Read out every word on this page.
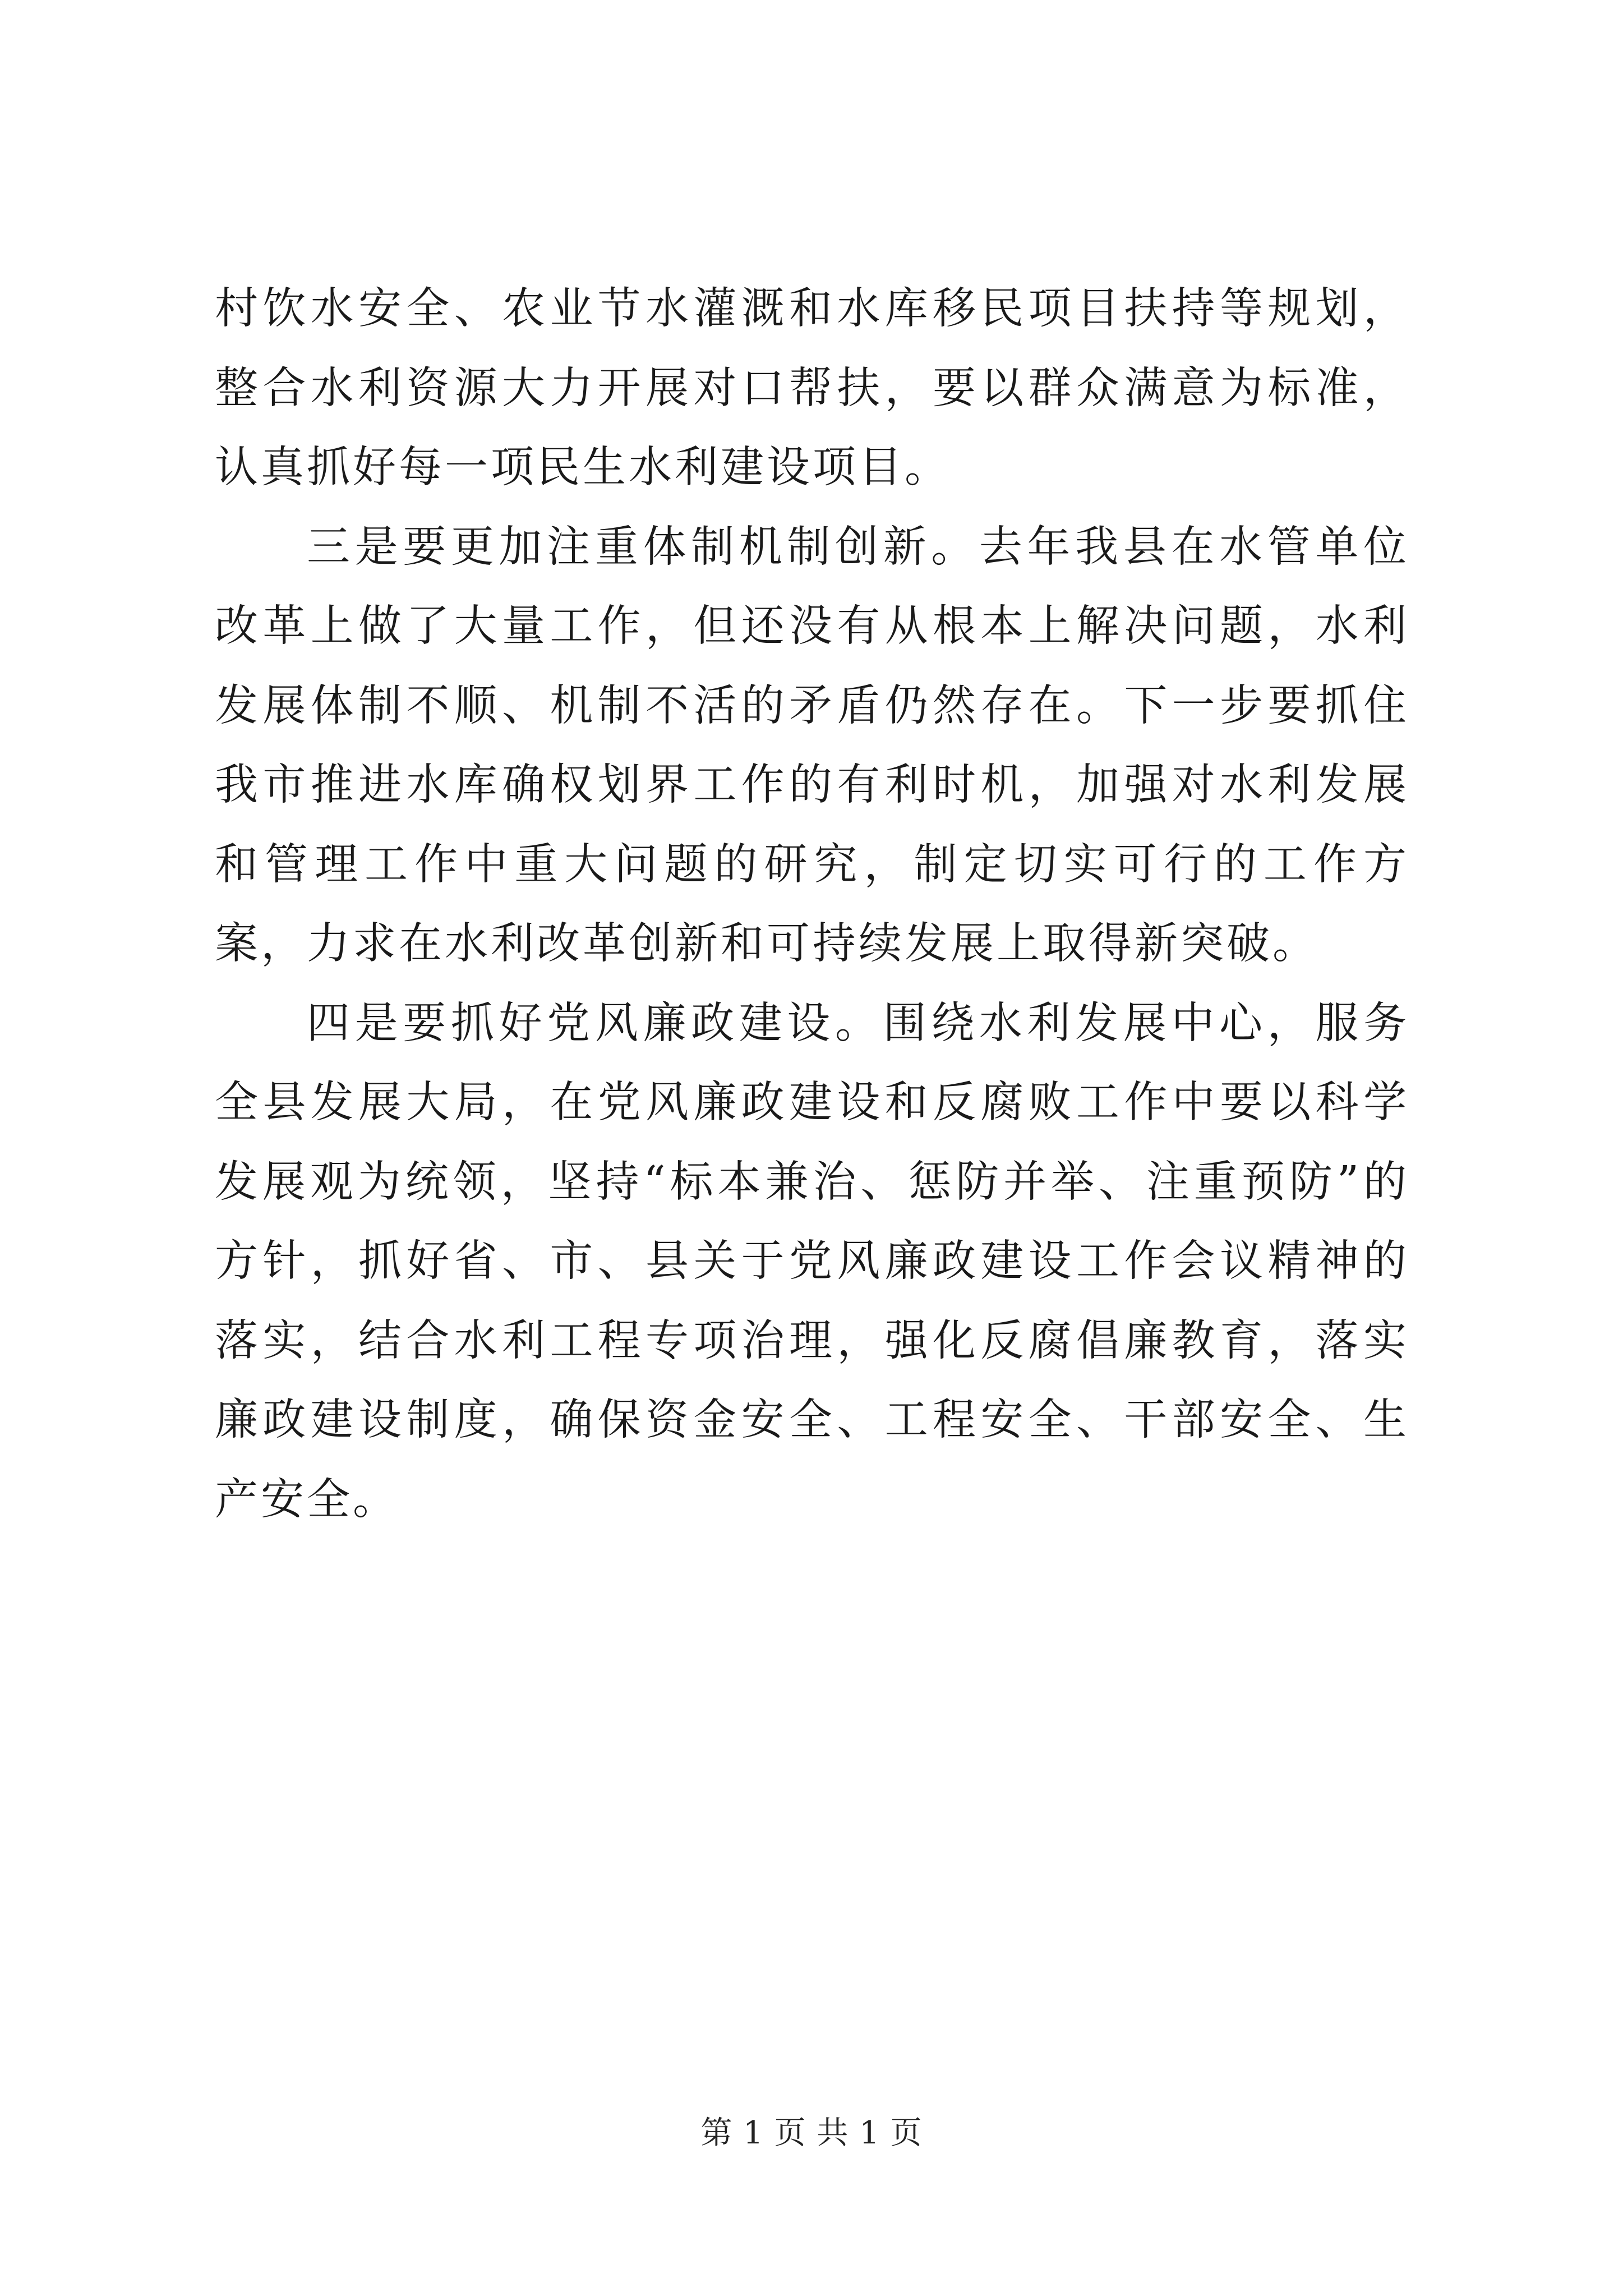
村饮水安全、农业节水灌溉和水库移民项目扶持等规划，整合水利资源大力开展对口帮扶，要以群众满意为标准，认真抓好每一项民生水利建设项目。

三是要更加注重体制机制创新。去年我县在水管单位改革上做了大量工作，但还没有从根本上解决问题，水利发展体制不顺、机制不活的矛盾仍然存在。下一步要抓住我市推进水库确权划界工作的有利时机，加强对水利发展和管理工作中重大问题的研究，制定切实可行的工作方案，力求在水利改革创新和可持续发展上取得新突破。

四是要抓好党风廉政建设。围绕水利发展中心，服务全县发展大局，在党风廉政建设和反腐败工作中要以科学发展观为统领，坚持“标本兼治、惩防并举、注重预防”的方针，抓好省、市、县关于党风廉政建设工作会议精神的落实，结合水利工程专项治理，强化反腐倡廉教育，落实廉政建设制度，确保资金安全、工程安全、干部安全、生产安全。

第 1 页 共 1 页
